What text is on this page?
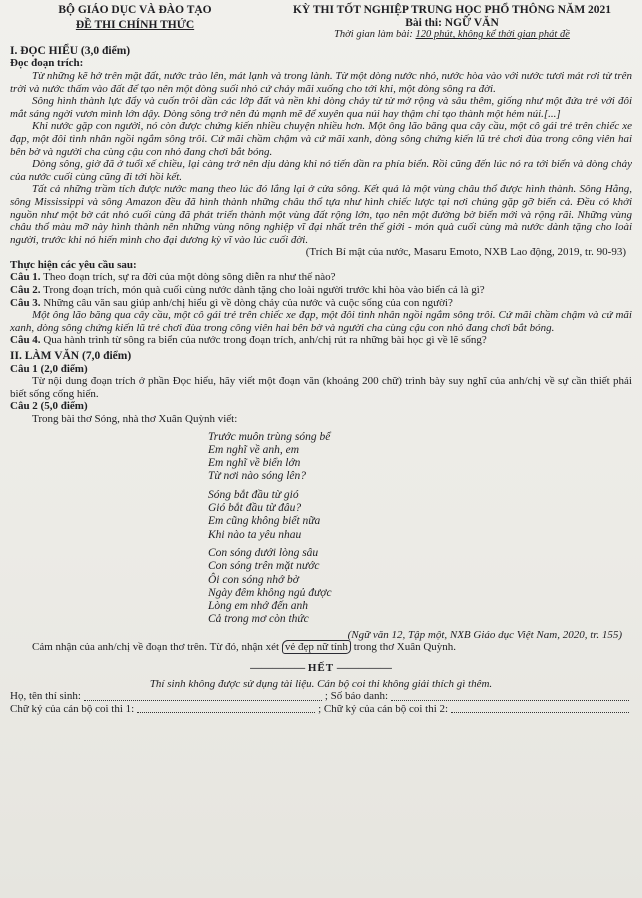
BỘ GIÁO DỤC VÀ ĐÀO TẠO
ĐỀ THI CHÍNH THỨC
KỲ THI TỐT NGHIỆP TRUNG HỌC PHỔ THÔNG NĂM 2021
Bài thi: NGỮ VĂN
Thời gian làm bài: 120 phút, không kể thời gian phát đề
I. ĐỌC HIỂU (3,0 điểm)
Đọc đoạn trích:

Từ những kẽ hở trên mặt đất, nước trào lên, mát lạnh và trong lành. Từ một dòng nước nhỏ, nước hòa vào với nước tươi mát rơi từ trên trời và nước thấm vào đất để tạo nên một dòng suối nhỏ cứ chảy mãi xuống cho tới khi, một dòng sông ra đời.

Sông hình thành lực đẩy và cuốn trôi dần các lớp đất và nền khi dòng chảy từ từ mở rộng và sâu thêm, giống như một đứa trẻ với đôi mắt sáng ngời vươn mình lớn dậy. Dòng sông trở nên đủ mạnh mẽ để xuyên qua núi hay thậm chí tạo thành một hẻm núi.[...]

Khi nước gặp con người, nó còn được chứng kiến nhiều chuyện nhiều hơn. Một ông lão băng qua cây cầu, một cô gái trẻ trên chiếc xe đạp, một đôi tình nhân ngồi ngắm sông trôi. Cứ mãi chầm chậm và cứ mãi xanh, dòng sông chứng kiến lũ trẻ chơi đùa trong công viên hai bên bờ và người cha cùng cậu con nhỏ đang chơi bắt bóng.

Dòng sông, giờ đã ở tuổi xế chiều, lại càng trở nên dịu dàng khi nó tiến dần ra phía biển. Rồi cũng đến lúc nó ra tới biển và dòng chảy của nước cuối cùng cũng đi tới hồi kết.

Tất cả những trầm tích được nước mang theo lúc đó lắng lại ở cửa sông. Kết quả là một vùng châu thổ được hình thành. Sông Hằng, sông Mississippi và sông Amazon đều đã hình thành những châu thổ tựa như hình chiếc lược tại nơi chúng gặp gỡ biển cả. Đều có khởi nguồn như một bờ cát nhỏ cuối cùng đã phát triển thành một vùng đất rộng lớn, tạo nên một đường bờ biển mới và rộng rãi. Những vùng châu thổ màu mỡ này hình thành nên những vùng nông nghiệp vĩ đại nhất trên thế giới - món quà cuối cùng mà nước dành tặng cho loài người, trước khi nó hiến mình cho đại dương kỳ vĩ vào lúc cuối đời.

(Trích Bí mật của nước, Masaru Emoto, NXB Lao động, 2019, tr. 90-93)
Thực hiện các yêu cầu sau:

Câu 1. Theo đoạn trích, sự ra đời của một dòng sông diễn ra như thế nào?

Câu 2. Trong đoạn trích, món quà cuối cùng nước dành tặng cho loài người trước khi hòa vào biển cả là gì?

Câu 3. Những câu văn sau giúp anh/chị hiểu gì về dòng chảy của nước và cuộc sống của con người?

Một ông lão băng qua cây cầu, một cô gái trẻ trên chiếc xe đạp, một đôi tình nhân ngồi ngắm sông trôi. Cứ mãi chầm chậm và cứ mãi xanh, dòng sông chứng kiến lũ trẻ chơi đùa trong công viên hai bên bờ và người cha cùng cậu con nhỏ đang chơi bắt bóng.

Câu 4. Qua hành trình từ sông ra biển của nước trong đoạn trích, anh/chị rút ra những bài học gì về lẽ sống?

II. LÀM VĂN (7,0 điểm)
Câu 1 (2,0 điểm)

Từ nội dung đoạn trích ở phần Đọc hiểu, hãy viết một đoạn văn (khoảng 200 chữ) trình bày suy nghĩ của anh/chị về sự cần thiết phải biết sống cống hiến.

Câu 2 (5,0 điểm)

Trong bài thơ Sóng, nhà thơ Xuân Quỳnh viết:

Trước muôn trùng sóng bể
Em nghĩ về anh, em
Em nghĩ về biển lớn
Từ nơi nào sóng lên?
Sóng bắt đầu từ gió
Gió bắt đầu từ đâu?
Em cũng không biết nữa
Khi nào ta yêu nhau
Con sóng dưới lòng sâu
Con sóng trên mặt nước
Ôi con sóng nhớ bờ
Ngày đêm không ngủ được
Lòng em nhớ đến anh
Cả trong mơ còn thức
(Ngữ văn 12, Tập một, NXB Giáo dục Việt Nam, 2020, tr. 155)

Cảm nhận của anh/chị về đoạn thơ trên. Từ đó, nhận xét vẻ đẹp nữ tính trong thơ Xuân Quỳnh.

————— HẾT —————
Thí sinh không được sử dụng tài liệu. Cán bộ coi thi không giải thích gì thêm.
Họ, tên thí sinh:	; Số báo danh:
Chữ ký của cán bộ coi thi 1:	; Chữ ký của cán bộ coi thi 2:
